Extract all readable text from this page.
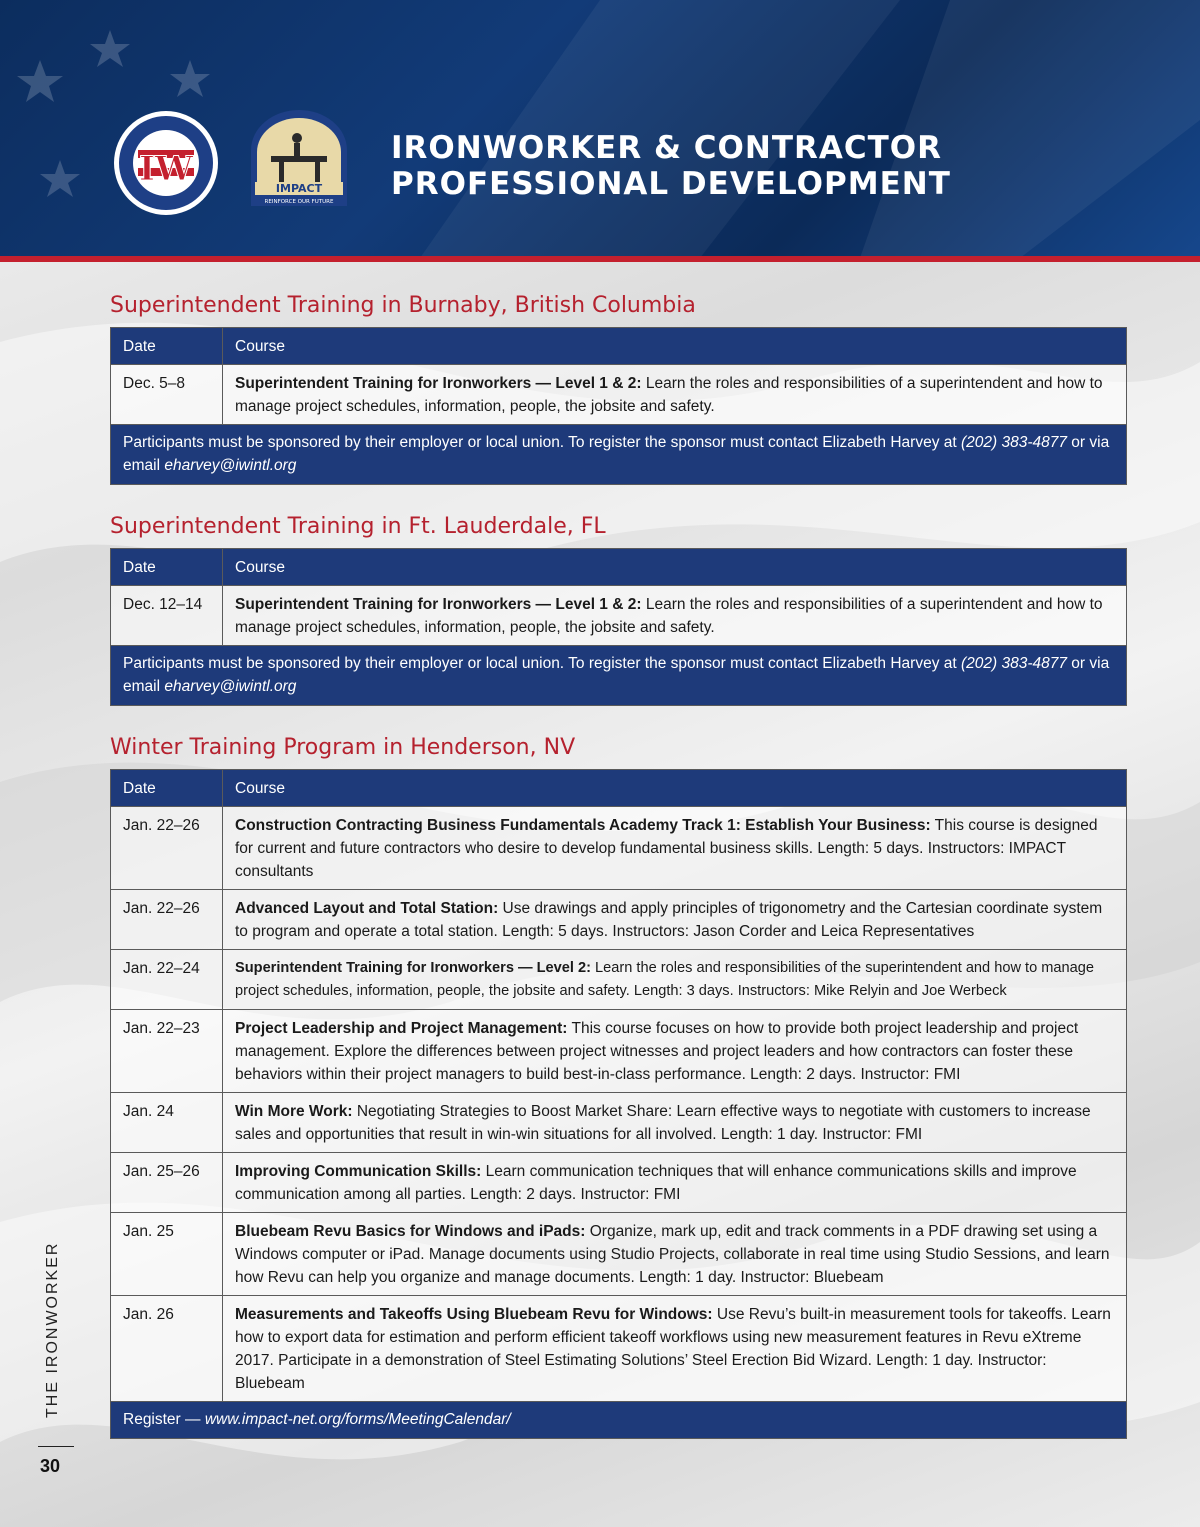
IW	IMPACT
REINFORCE OUR FUTURE
IRONWORKER & CONTRACTOR
PROFESSIONAL DEVELOPMENT
Superintendent Training in Burnaby, British Columbia
Date	Course
Dec. 5–8	Superintendent Training for Ironworkers — Level 1 & 2: Learn the roles and responsibilities of a superintendent and how to manage project schedules, information, people, the jobsite and safety.
Participants must be sponsored by their employer or local union. To register the sponsor must contact Elizabeth Harvey at (202) 383-4877 or via email eharvey@iwintl.org	
Superintendent Training in Ft. Lauderdale, FL
Date	Course
Dec. 12–14	Superintendent Training for Ironworkers — Level 1 & 2: Learn the roles and responsibilities of a superintendent and how to manage project schedules, information, people, the jobsite and safety.
Participants must be sponsored by their employer or local union. To register the sponsor must contact Elizabeth Harvey at (202) 383-4877 or via email eharvey@iwintl.org	
Winter Training Program in Henderson, NV
Date	Course
Jan. 22–26	Construction Contracting Business Fundamentals Academy Track 1: Establish Your Business: This course is designed for current and future contractors who desire to develop fundamental business skills. Length: 5 days. Instructors: IMPACT consultants
Jan. 22–26	Advanced Layout and Total Station: Use drawings and apply principles of trigonometry and the Cartesian coordinate system to program and operate a total station. Length: 5 days. Instructors: Jason Corder and Leica Representatives
Jan. 22–24	Superintendent Training for Ironworkers — Level 2: Learn the roles and responsibilities of the superintendent and how to manage project schedules, information, people, the jobsite and safety. Length: 3 days. Instructors: Mike Relyin and Joe Werbeck
Jan. 22–23	Project Leadership and Project Management: This course focuses on how to provide both project leadership and project management. Explore the differences between project witnesses and project leaders and how contractors can foster these behaviors within their project managers to build best-in-class performance. Length: 2 days. Instructor: FMI
Jan. 24	Win More Work: Negotiating Strategies to Boost Market Share: Learn effective ways to negotiate with customers to increase sales and opportunities that result in win-win situations for all involved. Length: 1 day. Instructor: FMI
Jan. 25–26	Improving Communication Skills: Learn communication techniques that will enhance communications skills and improve communication among all parties. Length: 2 days. Instructor: FMI
Jan. 25	Bluebeam Revu Basics for Windows and iPads: Organize, mark up, edit and track comments in a PDF drawing set using a Windows computer or iPad. Manage documents using Studio Projects, collaborate in real time using Studio Sessions, and learn how Revu can help you organize and manage documents. Length: 1 day. Instructor: Bluebeam
Jan. 26	Measurements and Takeoffs Using Bluebeam Revu for Windows: Use Revu’s built-in measurement tools for takeoffs. Learn how to export data for estimation and perform efficient takeoff workflows using new measurement features in Revu eXtreme 2017. Participate in a demonstration of Steel Estimating Solutions’ Steel Erection Bid Wizard. Length: 1 day. Instructor: Bluebeam
Register — www.impact-net.org/forms/MeetingCalendar/	
THE IRONWORKER
30
